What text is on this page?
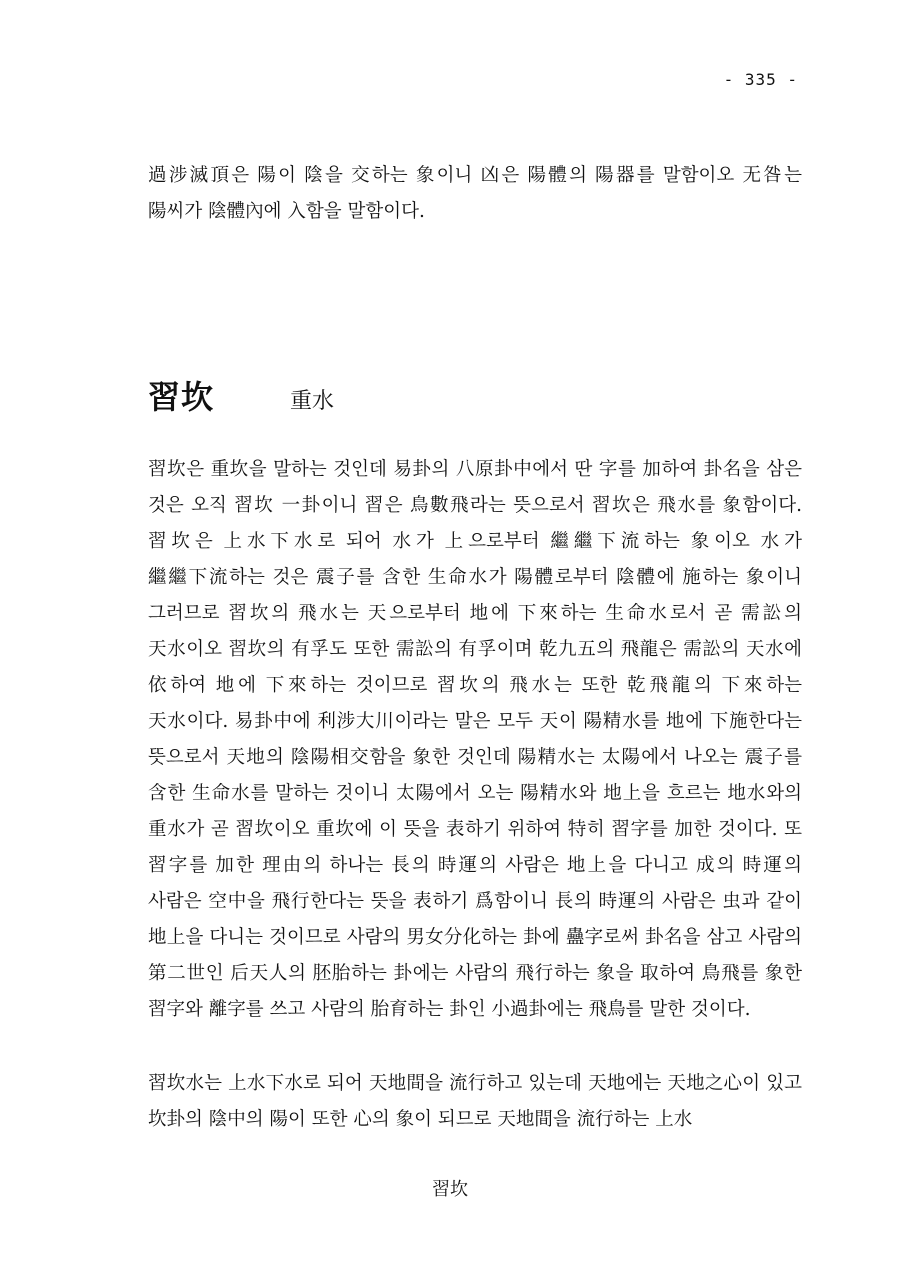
- 335 -

過涉滅頂은 陽이 陰을 交하는 象이니 凶은 陽體의 陽器를 말함이오 无咎는 陽씨가 陰體內에 入함을 말함이다.

習坎	重水

習坎은 重坎을 말하는 것인데 易卦의 八原卦中에서 딴 字를 加하여 卦名을 삼은 것은 오직 習坎 一卦이니 習은 鳥數飛라는 뜻으로서 習坎은 飛水를 象함이다. 習坎은 上水下水로 되어 水가 上으로부터 繼繼下流하는 象이오 水가 繼繼下流하는 것은 震子를 含한 生命水가 陽體로부터 陰體에 施하는 象이니 그러므로 習坎의 飛水는 天으로부터 地에 下來하는 生命水로서 곧 需訟의 天水이오 習坎의 有孚도 또한 需訟의 有孚이며 乾九五의 飛龍은 需訟의 天水에 依하여 地에 下來하는 것이므로 習坎의 飛水는 또한 乾飛龍의 下來하는 天水이다. 易卦中에 利涉大川이라는 말은 모두 天이 陽精水를 地에 下施한다는 뜻으로서 天地의 陰陽相交함을 象한 것인데 陽精水는 太陽에서 나오는 震子를 含한 生命水를 말하는 것이니 太陽에서 오는 陽精水와 地上을 흐르는 地水와의 重水가 곧 習坎이오 重坎에 이 뜻을 表하기 위하여 特히 習字를 加한 것이다. 또 習字를 加한 理由의 하나는 長의 時運의 사람은 地上을 다니고 成의 時運의 사람은 空中을 飛行한다는 뜻을 表하기 爲함이니 長의 時運의 사람은 虫과 같이 地上을 다니는 것이므로 사람의 男女分化하는 卦에 蠱字로써 卦名을 삼고 사람의 第二世인 后天人의 胚胎하는 卦에는 사람의 飛行하는 象을 取하여 鳥飛를 象한 習字와 離字를 쓰고 사람의 胎育하는 卦인 小過卦에는 飛鳥를 말한 것이다.

習坎水는 上水下水로 되어 天地間을 流行하고 있는데 天地에는 天地之心이 있고 坎卦의 陰中의 陽이 또한 心의 象이 되므로 天地間을 流行하는 上水

習坎
